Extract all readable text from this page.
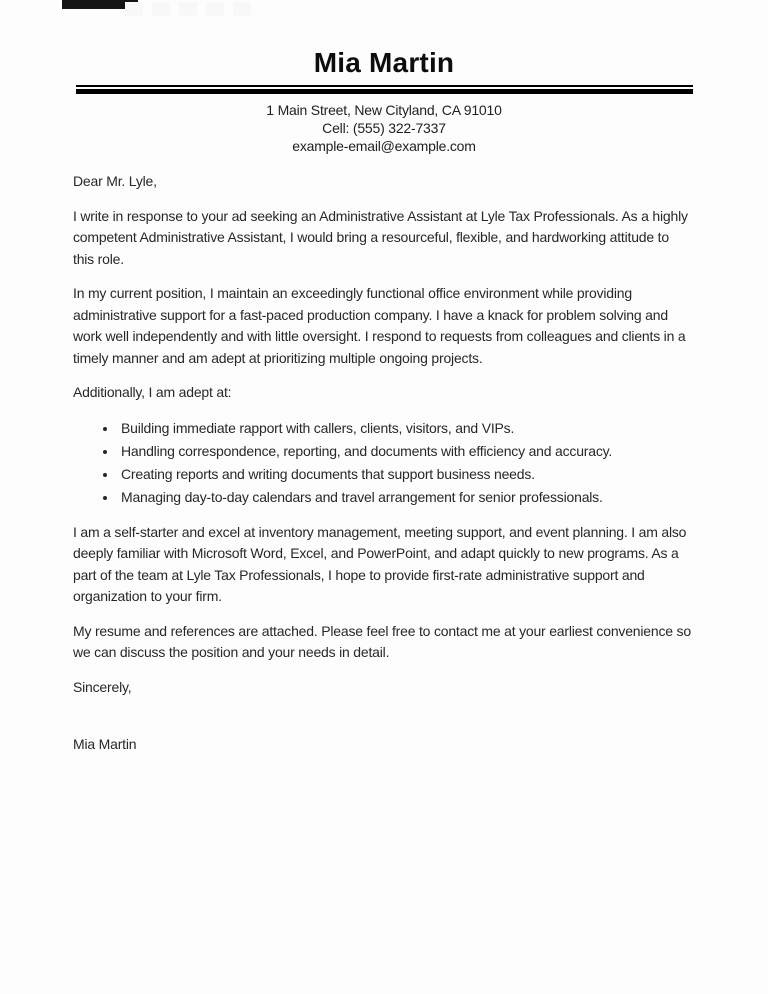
Mia Martin
1 Main Street, New Cityland, CA 91010
Cell: (555) 322-7337
example-email@example.com

Dear Mr. Lyle,

I write in response to your ad seeking an Administrative Assistant at Lyle Tax Professionals. As a highly competent Administrative Assistant, I would bring a resourceful, flexible, and hardworking attitude to this role.

In my current position, I maintain an exceedingly functional office environment while providing administrative support for a fast-paced production company. I have a knack for problem solving and work well independently and with little oversight. I respond to requests from colleagues and clients in a timely manner and am adept at prioritizing multiple ongoing projects.

Additionally, I am adept at:

• Building immediate rapport with callers, clients, visitors, and VIPs.
• Handling correspondence, reporting, and documents with efficiency and accuracy.
• Creating reports and writing documents that support business needs.
• Managing day-to-day calendars and travel arrangement for senior professionals.

I am a self-starter and excel at inventory management, meeting support, and event planning. I am also deeply familiar with Microsoft Word, Excel, and PowerPoint, and adapt quickly to new programs. As a part of the team at Lyle Tax Professionals, I hope to provide first-rate administrative support and organization to your firm.

My resume and references are attached. Please feel free to contact me at your earliest convenience so we can discuss the position and your needs in detail.

Sincerely,

Mia Martin
